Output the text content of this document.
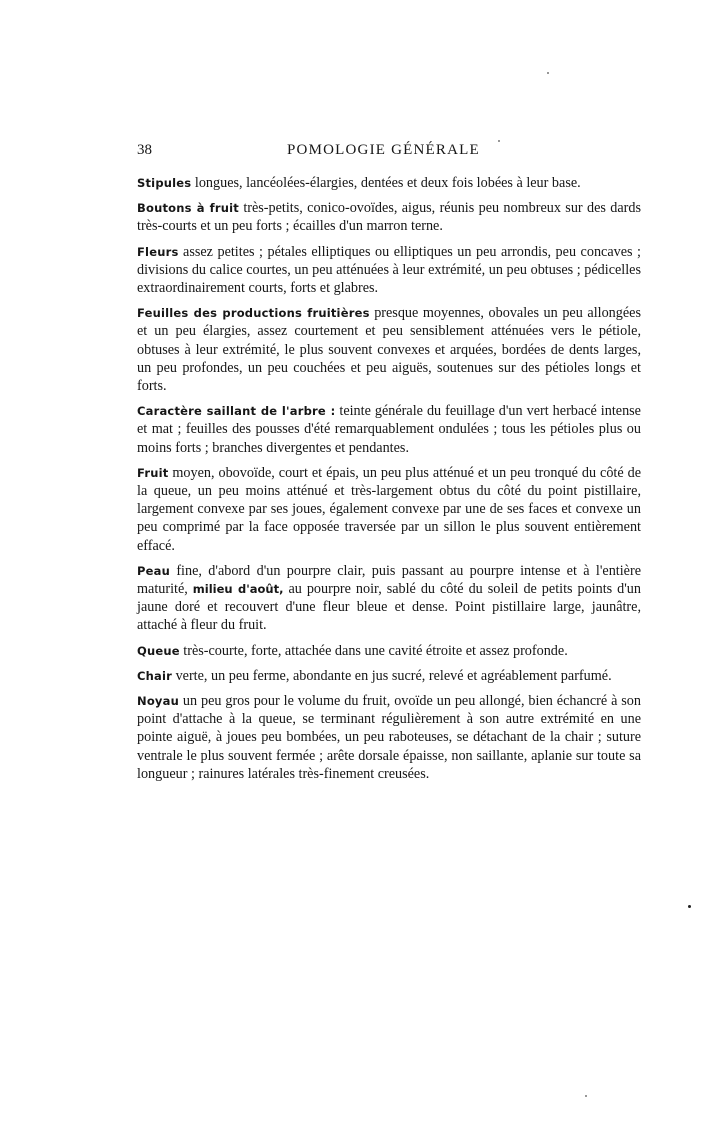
38	POMOLOGIE GÉNÉRALE

Stipules longues, lancéolées-élargies, dentées et deux fois lobées à leur base.

Boutons à fruit très-petits, conico-ovoïdes, aigus, réunis peu nombreux sur des dards très-courts et un peu forts ; écailles d'un marron terne.

Fleurs assez petites ; pétales elliptiques ou elliptiques un peu arrondis, peu concaves ; divisions du calice courtes, un peu atténuées à leur extrémité, un peu obtuses ; pédicelles extraordinairement courts, forts et glabres.

Feuilles des productions fruitières presque moyennes, obovales un peu allongées et un peu élargies, assez courtement et peu sensiblement atténuées vers le pétiole, obtuses à leur extrémité, le plus souvent convexes et arquées, bordées de dents larges, un peu profondes, un peu couchées et peu aiguës, soutenues sur des pétioles longs et forts.

Caractère saillant de l'arbre : teinte générale du feuillage d'un vert herbacé intense et mat ; feuilles des pousses d'été remarquablement ondulées ; tous les pétioles plus ou moins forts ; branches divergentes et pendantes.

Fruit moyen, obovoïde, court et épais, un peu plus atténué et un peu tronqué du côté de la queue, un peu moins atténué et très-largement obtus du côté du point pistillaire, largement convexe par ses joues, également convexe par une de ses faces et convexe un peu comprimé par la face opposée traversée par un sillon le plus souvent entièrement effacé.

Peau fine, d'abord d'un pourpre clair, puis passant au pourpre intense et à l'entière maturité, milieu d'août, au pourpre noir, sablé du côté du soleil de petits points d'un jaune doré et recouvert d'une fleur bleue et dense. Point pistillaire large, jaunâtre, attaché à fleur du fruit.

Queue très-courte, forte, attachée dans une cavité étroite et assez profonde.

Chair verte, un peu ferme, abondante en jus sucré, relevé et agréablement parfumé.

Noyau un peu gros pour le volume du fruit, ovoïde un peu allongé, bien échancré à son point d'attache à la queue, se terminant régulièrement à son autre extrémité en une pointe aiguë, à joues peu bombées, un peu raboteuses, se détachant de la chair ; suture ventrale le plus souvent fermée ; arête dorsale épaisse, non saillante, aplanie sur toute sa longueur ; rainures latérales très-finement creusées.
